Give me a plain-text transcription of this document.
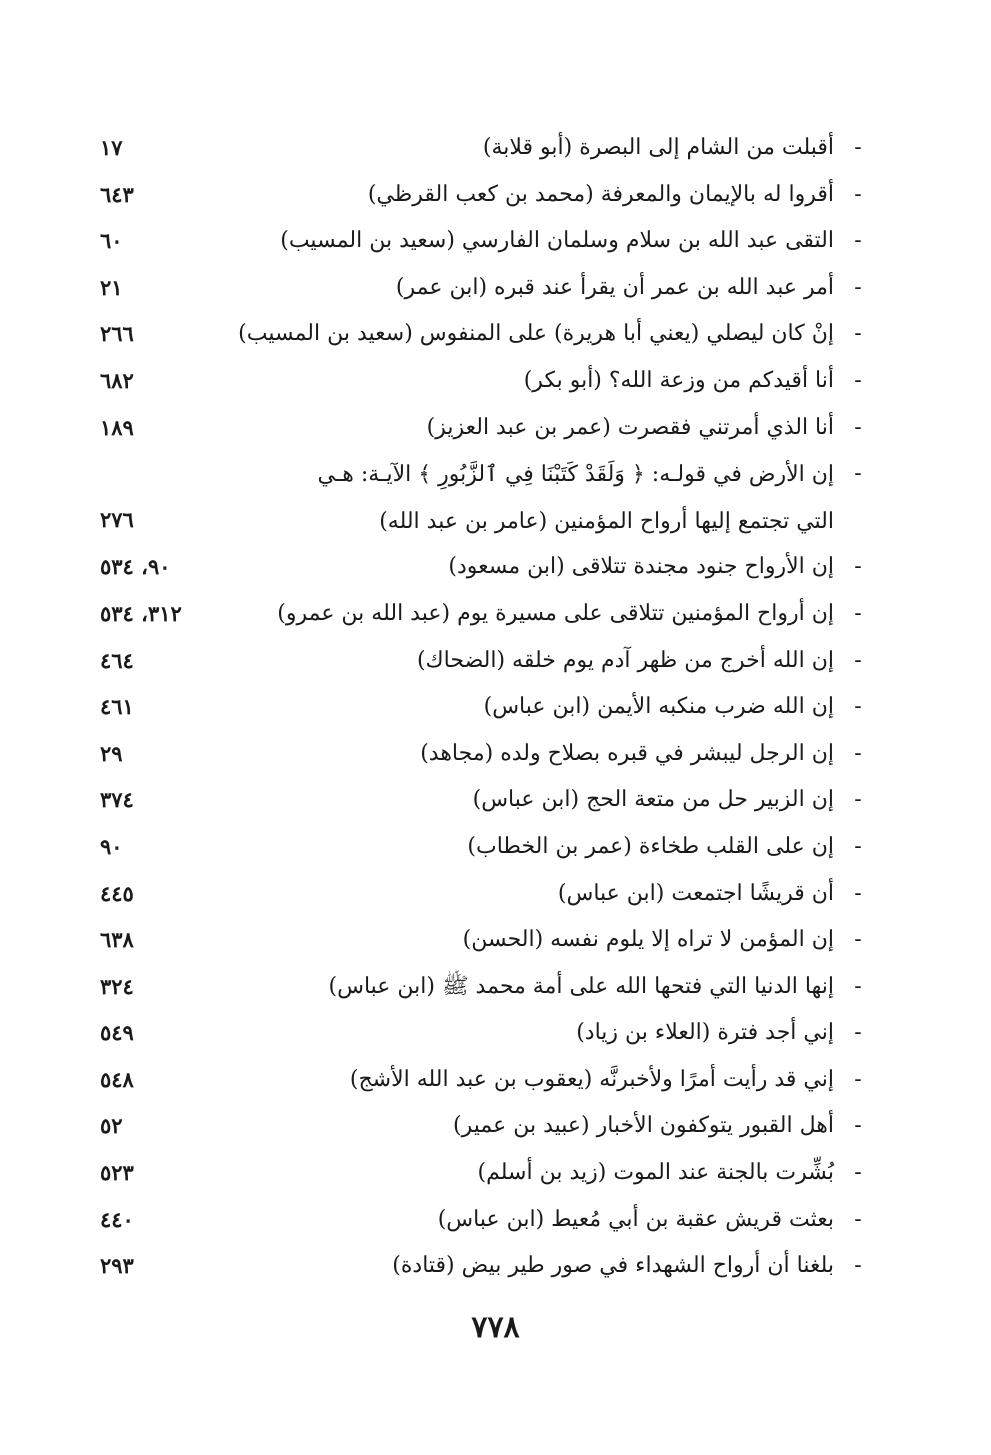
-
أقبلت من الشام إلى البصرة (أبو قلابة)
١٧
-
أقروا له بالإيمان والمعرفة (محمد بن كعب القرظي)
٦٤٣
-
التقى عبد الله بن سلام وسلمان الفارسي (سعيد بن المسيب)
٦٠
-
أمر عبد الله بن عمر أن يقرأ عند قبره (ابن عمر)
٢١
-
إنْ كان ليصلي (يعني أبا هريرة) على المنفوس (سعيد بن المسيب)
٢٦٦
-
أنا أقيدكم من وزعة الله؟ (أبو بكر)
٦٨٢
-
أنا الذي أمرتني فقصرت (عمر بن عبد العزيز)
١٨٩
-
إن الأرض في قولـه: ﴿ وَلَقَدْ كَتَبْنَا فِي ٱلزَّبُورِ ﴾ الآيـة: هـي التي تجتمع إليها أرواح المؤمنين (عامر بن عبد الله)
٢٧٦
-
إن الأرواح جنود مجندة تتلاقى (ابن مسعود)
٩٠، ٥٣٤
-
إن أرواح المؤمنين تتلاقى على مسيرة يوم (عبد الله بن عمرو)
٣١٢، ٥٣٤
-
إن الله أخرج من ظهر آدم يوم خلقه (الضحاك)
٤٦٤
-
إن الله ضرب منكبه الأيمن (ابن عباس)
٤٦١
-
إن الرجل ليبشر في قبره بصلاح ولده (مجاهد)
٢٩
-
إن الزبير حل من متعة الحج (ابن عباس)
٣٧٤
-
إن على القلب طخاءة (عمر بن الخطاب)
٩٠
-
أن قريشًا اجتمعت (ابن عباس)
٤٤٥
-
إن المؤمن لا تراه إلا يلوم نفسه (الحسن)
٦٣٨
-
إنها الدنيا التي فتحها الله على أمة محمد ﷺ (ابن عباس)
٣٢٤
-
إني أجد فترة (العلاء بن زياد)
٥٤٩
-
إني قد رأيت أمرًا ولأخبرنَّه (يعقوب بن عبد الله الأشج)
٥٤٨
-
أهل القبور يتوكفون الأخبار (عبيد بن عمير)
٥٢
-
بُشِّرت بالجنة عند الموت (زيد بن أسلم)
٥٢٣
-
بعثت قريش عقبة بن أبي مُعيط (ابن عباس)
٤٤٠
-
بلغنا أن أرواح الشهداء في صور طير بيض (قتادة)
٢٩٣
٧٧٨
